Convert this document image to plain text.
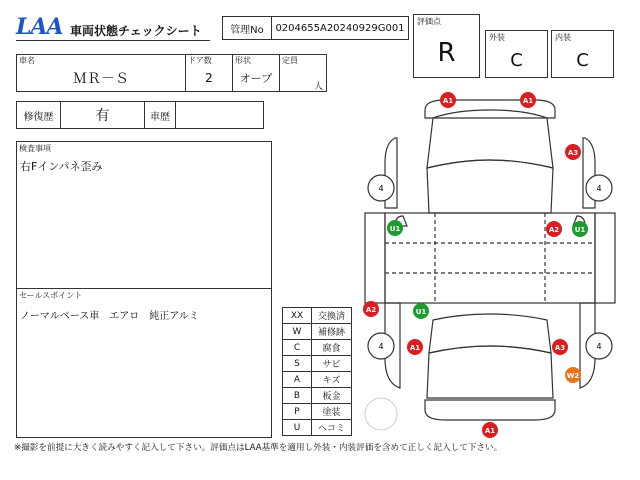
LAA 車両状態チェックシート	管理No	0204655A20240929G001
評価点
R
外装
C
内装
C
車名
ＭＲ－Ｓ
ドア数
2
形状
オープ
定員
人
修復歴	有	車歴
検査事項
右Fインパネ歪み
セールスポイント
ノーマルベース車　エアロ　純正アルミ	XX	交換済
W	補修跡
C	腐食
S	サビ
A	キズ
B	板金
P	塗装
U	ヘコミ
4	4
4	4
A1	A1
A3
U1	A2 U1
A2	U1
A1	A3
W2
A1
※撮影を前提に大きく読みやすく記入して下さい。評価点はLAA基準を適用し外装・内装評価を含めて正しく記入して下さい。
